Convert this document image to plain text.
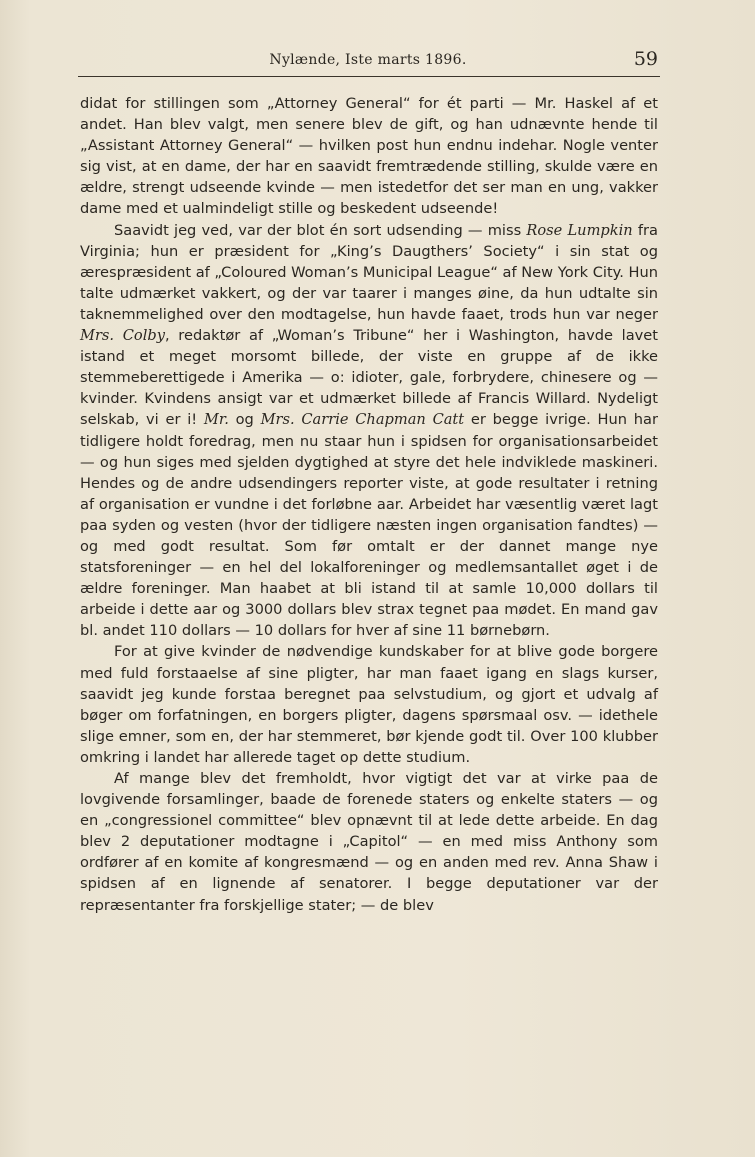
Nylænde, Iste marts 1896.	59

didat for stillingen som „Attorney General“ for ét parti — Mr. Haskel af et andet. Han blev valgt, men senere blev de gift, og han udnævnte hende til „Assistant Attorney General“ — hvilken post hun endnu indehar. Nogle venter sig vist, at en dame, der har en saavidt fremtrædende stilling, skulde være en ældre, strengt udseende kvinde — men istedetfor det ser man en ung, vakker dame med et ualmindeligt stille og beskedent udseende!

Saavidt jeg ved, var der blot én sort udsending — miss Rose Lumpkin fra Virginia; hun er præsident for „King’s Daugthers’ Society“ i sin stat og ærespræsident af „Coloured Woman’s Municipal League“ af New York City. Hun talte udmærket vakkert, og der var taarer i manges øine, da hun udtalte sin taknemmelighed over den modtagelse, hun havde faaet, trods hun var neger Mrs. Colby, redaktør af „Woman’s Tribune“ her i Washington, havde lavet istand et meget morsomt billede, der viste en gruppe af de ikke stemmeberettigede i Amerika — o: idioter, gale, forbrydere, chinesere og — kvinder. Kvindens ansigt var et udmærket billede af Francis Willard. Nydeligt selskab, vi er i! Mr. og Mrs. Carrie Chapman Catt er begge ivrige. Hun har tidligere holdt foredrag, men nu staar hun i spidsen for organisationsarbeidet — og hun siges med sjelden dygtighed at styre det hele indviklede maskineri. Hendes og de andre udsendingers reporter viste, at gode resultater i retning af organisation er vundne i det forløbne aar. Arbeidet har væsentlig været lagt paa syden og vesten (hvor der tidligere næsten ingen organisation fandtes) — og med godt resultat. Som før omtalt er der dannet mange nye statsforeninger — en hel del lokalforeninger og medlemsantallet øget i de ældre foreninger. Man haabet at bli istand til at samle 10,000 dollars til arbeide i dette aar og 3000 dollars blev strax tegnet paa mødet. En mand gav bl. andet 110 dollars — 10 dollars for hver af sine 11 børnebørn.

For at give kvinder de nødvendige kundskaber for at blive gode borgere med fuld forstaaelse af sine pligter, har man faaet igang en slags kurser, saavidt jeg kunde forstaa beregnet paa selvstudium, og gjort et udvalg af bøger om forfatningen, en borgers pligter, dagens spørsmaal osv. — idethele slige emner, som en, der har stemmeret, bør kjende godt til. Over 100 klubber omkring i landet har allerede taget op dette studium.

Af mange blev det fremholdt, hvor vigtigt det var at virke paa de lovgivende forsamlinger, baade de forenede staters og enkelte staters — og en „congressionel committee“ blev opnævnt til at lede dette arbeide. En dag blev 2 deputationer modtagne i „Capitol“ — en med miss Anthony som ordfører af en komite af kongresmænd — og en anden med rev. Anna Shaw i spidsen af en lignende af senatorer. I begge deputationer var der repræsentanter fra forskjellige stater; — de blev
